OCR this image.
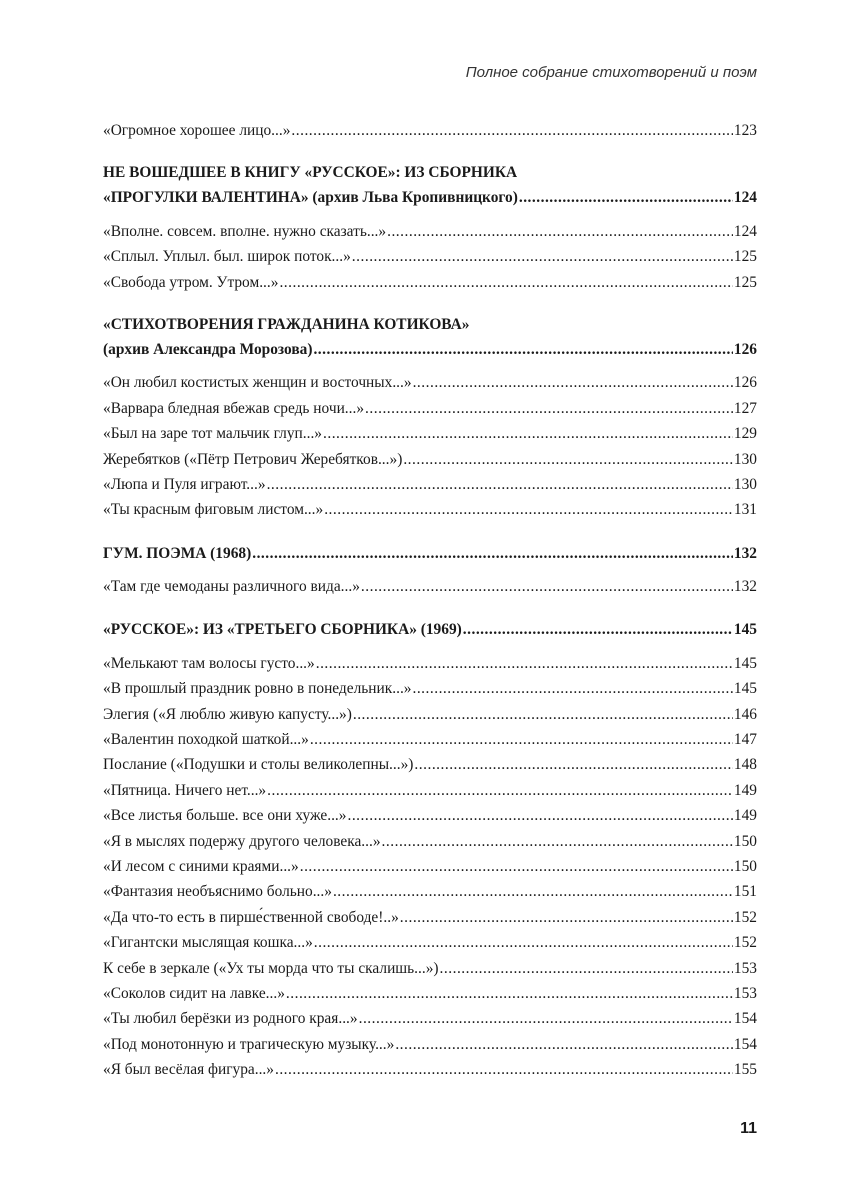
Полное собрание стихотворений и поэм
«Огромное хорошее лицо...» .....	123
НЕ ВОШЕДШЕЕ В КНИГУ «РУССКОЕ»: ИЗ СБОРНИКА
«ПРОГУЛКИ ВАЛЕНТИНА» (архив Льва Кропивницкого) .....	124
«Вполне. совсем. вполне. нужно сказать...» .....	124
«Сплыл. Уплыл. был. широк поток...» .....	125
«Свобода утром. Утром...» .....	125
«СТИХОТВОРЕНИЯ ГРАЖДАНИНА КОТИКОВА»
(архив Александра Морозова) .....	126
«Он любил костистых женщин и восточных...» .....	126
«Варвара бледная вбежав средь ночи...» .....	127
«Был на заре тот мальчик глуп...» .....	129
Жеребятков («Пётр Петрович Жеребятков...») .....	130
«Люпа и Пуля играют...» .....	130
«Ты красным фиговым листом...» .....	131
ГУМ. ПОЭМА (1968) .....	132
«Там где чемоданы различного вида...» .....	132
«РУССКОЕ»: ИЗ «ТРЕТЬЕГО СБОРНИКА» (1969) .....	145
«Мелькают там волосы густо...» .....	145
«В прошлый праздник ровно в понедельник...» .....	145
Элегия («Я люблю живую капусту...») .....	146
«Валентин походкой шаткой...» .....	147
Послание («Подушки и столы великолепны...») .....	148
«Пятница. Ничего нет...» .....	149
«Все листья больше. все они хуже...» .....	149
«Я в мыслях подержу другого человека...» .....	150
«И лесом с синими краями...» .....	150
«Фантазия необъяснимо больно...» .....	151
«Да что-то есть в пирше́ственной свободе!..» .....	152
«Гигантски мыслящая кошка...» .....	152
К себе в зеркале («Ух ты морда что ты скалишь...») .....	153
«Соколов сидит на лавке...» .....	153
«Ты любил берёзки из родного края...» .....	154
«Под монотонную и трагическую музыку...» .....	154
«Я был весёлая фигура...» .....	155
11
